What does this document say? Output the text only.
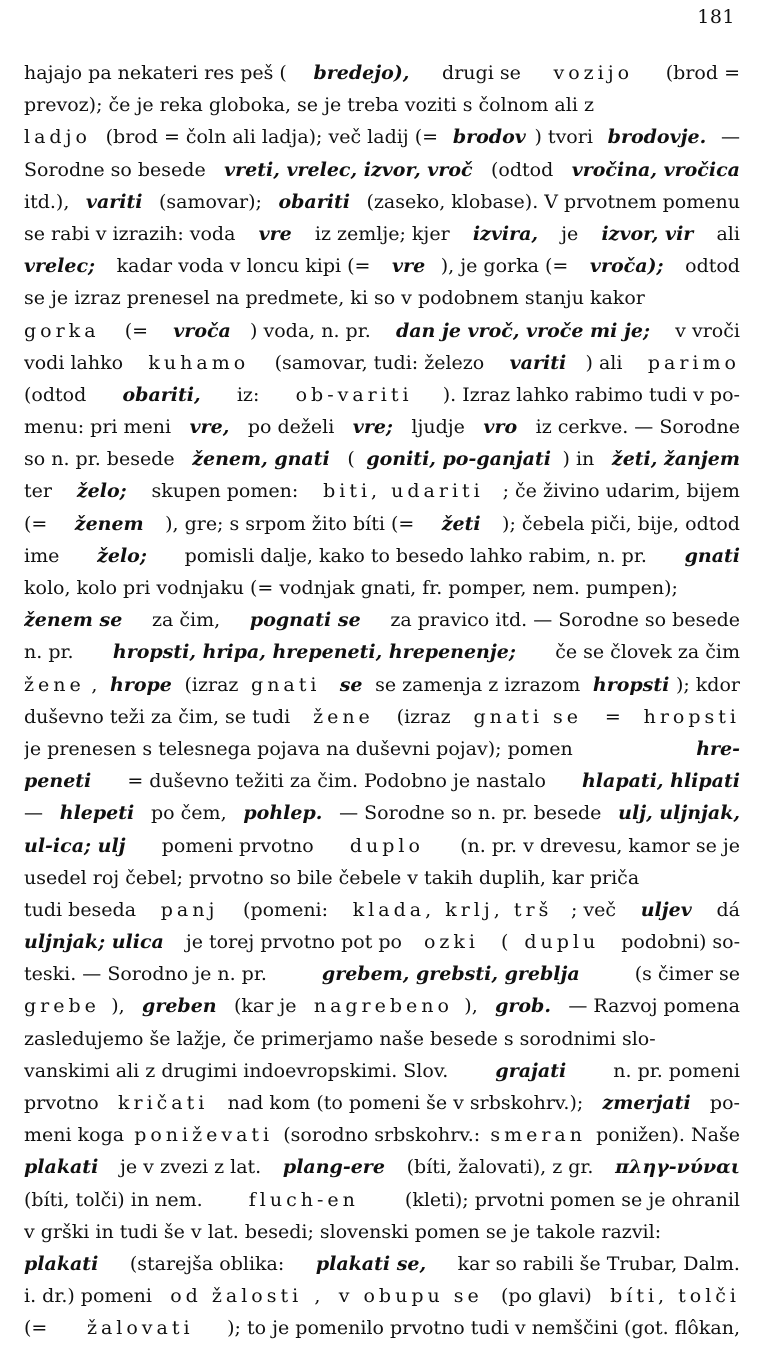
181
hajajo pa nekateri res peš ( bredejo), drugi se vozijo (brod =
prevoz); če je reka globoka, se je treba voziti s čolnom ali z
ladjo (brod = čoln ali ladja); več ladij (= brodov ) tvori brodovje. —
Sorodne so besede vreti, vrelec, izvor, vroč (odtod vročina, vročica
itd.), variti (samovar); obariti (zaseko, klobase). V prvotnem pomenu
se rabi v izrazih: voda vre iz zemlje; kjer izvira, je izvor, vir ali
vrelec; kadar voda v loncu kipi (= vre ), je gorka (= vroča); odtod
se je izraz prenesel na predmete, ki so v podobnem stanju kakor
gorka (= vroča ) voda, n. pr. dan je vroč, vroče mi je; v vroči
vodi lahko kuhamo (samovar, tudi: železo variti ) ali parimo
(odtod obariti, iz: ob-variti ). Izraz lahko rabimo tudi v po-
menu: pri meni vre, po deželi vre; ljudje vro iz cerkve. — Sorodne
so n. pr. besede ženem, gnati ( goniti, po-ganjati ) in žeti, žanjem
ter želo; skupen pomen: biti, udariti ; če živino udarim, bijem
(= ženem ), gre; s srpom žito bíti (= žeti ); čebela piči, bije, odtod
ime želo; pomisli dalje, kako to besedo lahko rabim, n. pr. gnati
kolo, kolo pri vodnjaku (= vodnjak gnati, fr. pomper, nem. pumpen);
ženem se za čim, pognati se za pravico itd. — Sorodne so besede
n. pr. hropsti, hripa, hrepeneti, hrepenenje; če se človek za čim
žene , hrope (izraz gnati
se se zamenja z izrazom hropsti ); kdor
duševno teži za čim, se tudi žene (izraz gnati se = hropsti
je prenesen s telesnega pojava na duševni pojav); pomen	hre-
peneti = duševno težiti za čim. Podobno je nastalo hlapati, hlipati
— hlepeti po čem, pohlep. — Sorodne so n. pr. besede ulj, uljnjak,
ul-ica; ulj pomeni prvotno duplo (n. pr. v drevesu, kamor se je
usedel roj čebel; prvotno so bile čebele v takih duplih, kar priča
tudi beseda panj (pomeni: klada, krlj, trš ; več uljev dá
uljnjak; ulica je torej prvotno pot po ozki ( duplu podobni) so-
teski. — Sorodno je n. pr.	grebem, grebsti, greblja	(s čimer se
grebe ), greben (kar je nagrebeno ), grob. — Razvoj pomena
zasledujemo še lažje, če primerjamo naše besede s sorodnimi slo-
vanskimi ali z drugimi indoevropskimi. Slov. grajati n. pr. pomeni
prvotno kričati nad kom (to pomeni še v srbskohrv.); zmerjati po-
meni koga poniževati (sorodno srbskohrv.: smeran ponižen). Naše
plakati je v zvezi z lat. plang-ere (bíti, žalovati), z gr. πληγ-νύναι
(bíti, tolči) in nem. fluch-en (kleti); prvotni pomen se je ohranil
v grški in tudi še v lat. besedi; slovenski pomen se je takole razvil:
plakati (starejša oblika: plakati se, kar so rabili še Trubar, Dalm.
i. dr.) pomeni od žalosti , v obupu se (po glavi) bíti, tolči
(= žalovati ); to je pomenilo prvotno tudi v nemščini (got. flôkan,
